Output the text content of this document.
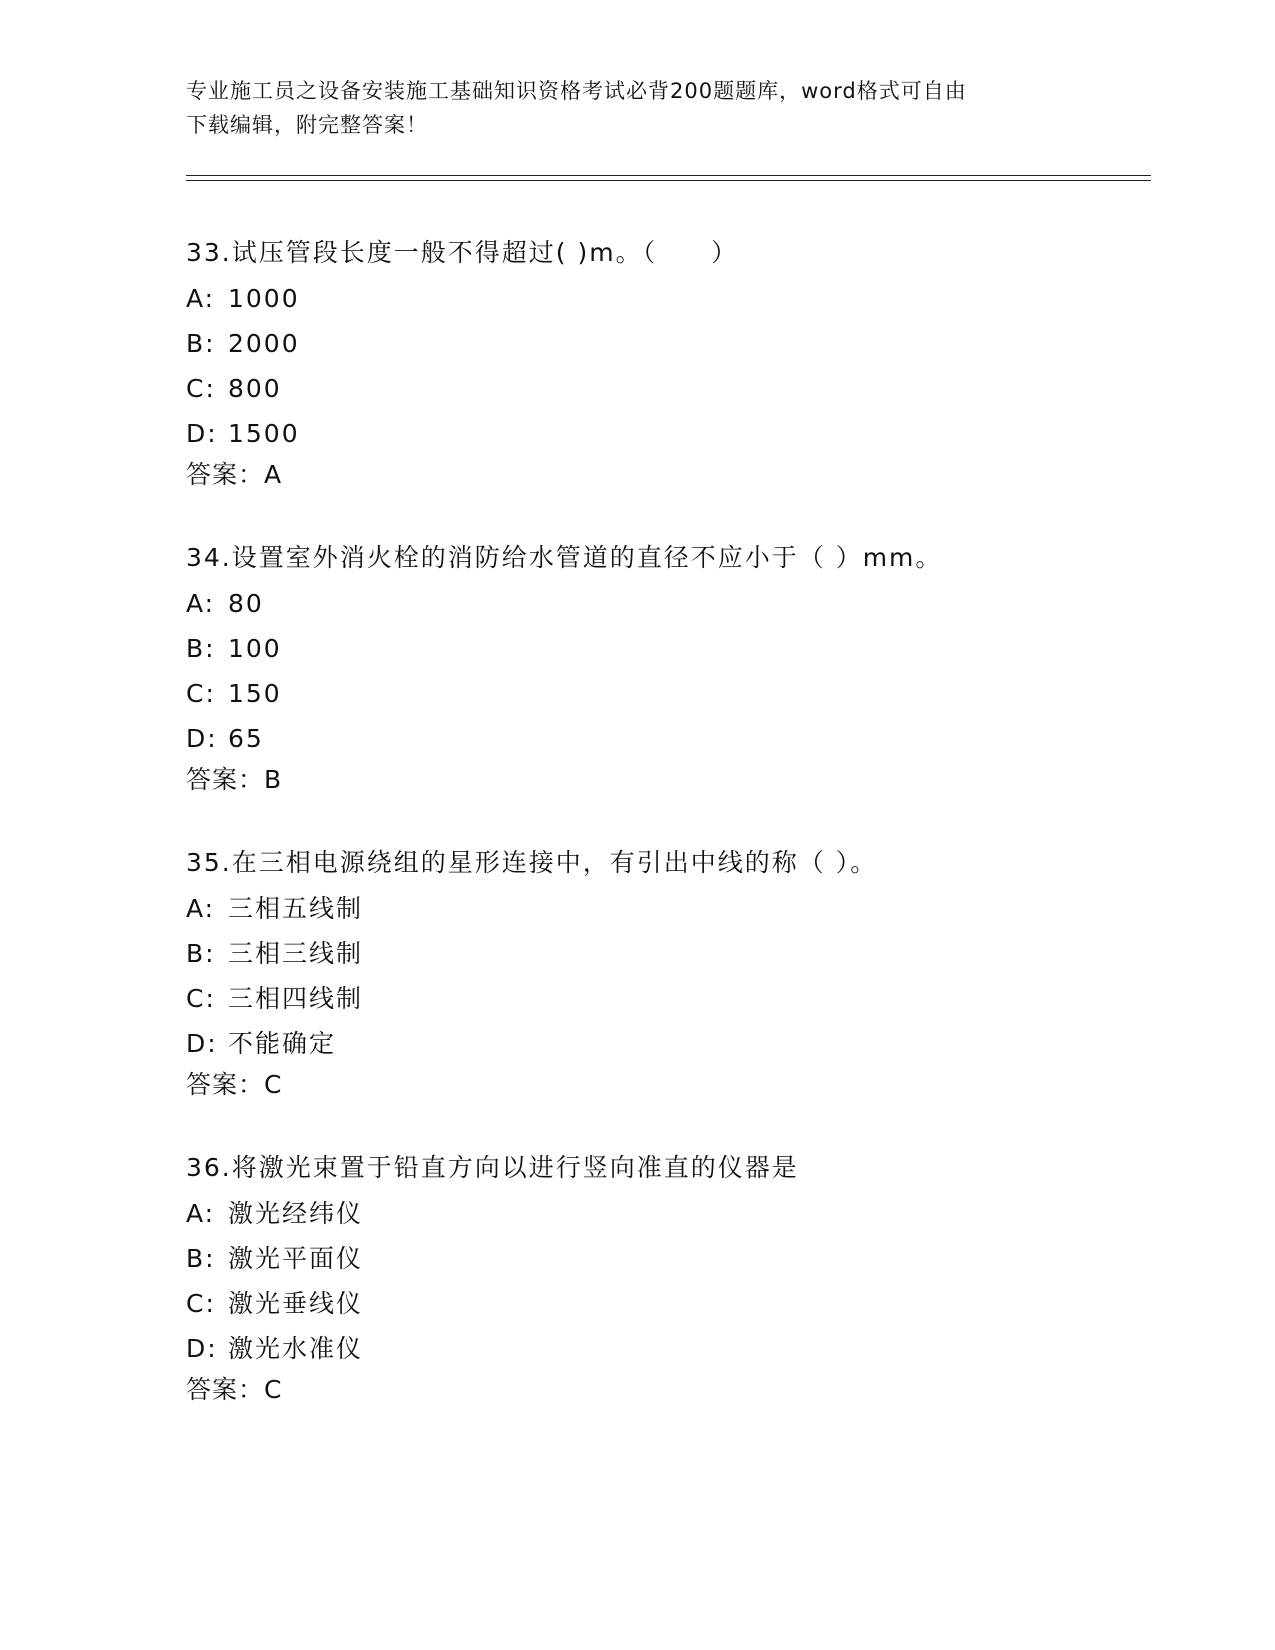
专业施工员之设备安装施工基础知识资格考试必背200题题库，word格式可自由
下载编辑，附完整答案！

33.试压管段长度一般不得超过( )m。（　　）

A: 1000
B: 2000
C: 800
D: 1500
答案：A

34.设置室外消火栓的消防给水管道的直径不应小于（ ）mm。

A: 80
B: 100
C: 150
D: 65
答案：B

35.在三相电源绕组的星形连接中，有引出中线的称（ ）。

A: 三相五线制
B: 三相三线制
C: 三相四线制
D: 不能确定
答案：C

36.将激光束置于铅直方向以进行竖向准直的仪器是

A: 激光经纬仪
B: 激光平面仪
C: 激光垂线仪
D: 激光水准仪
答案：C
